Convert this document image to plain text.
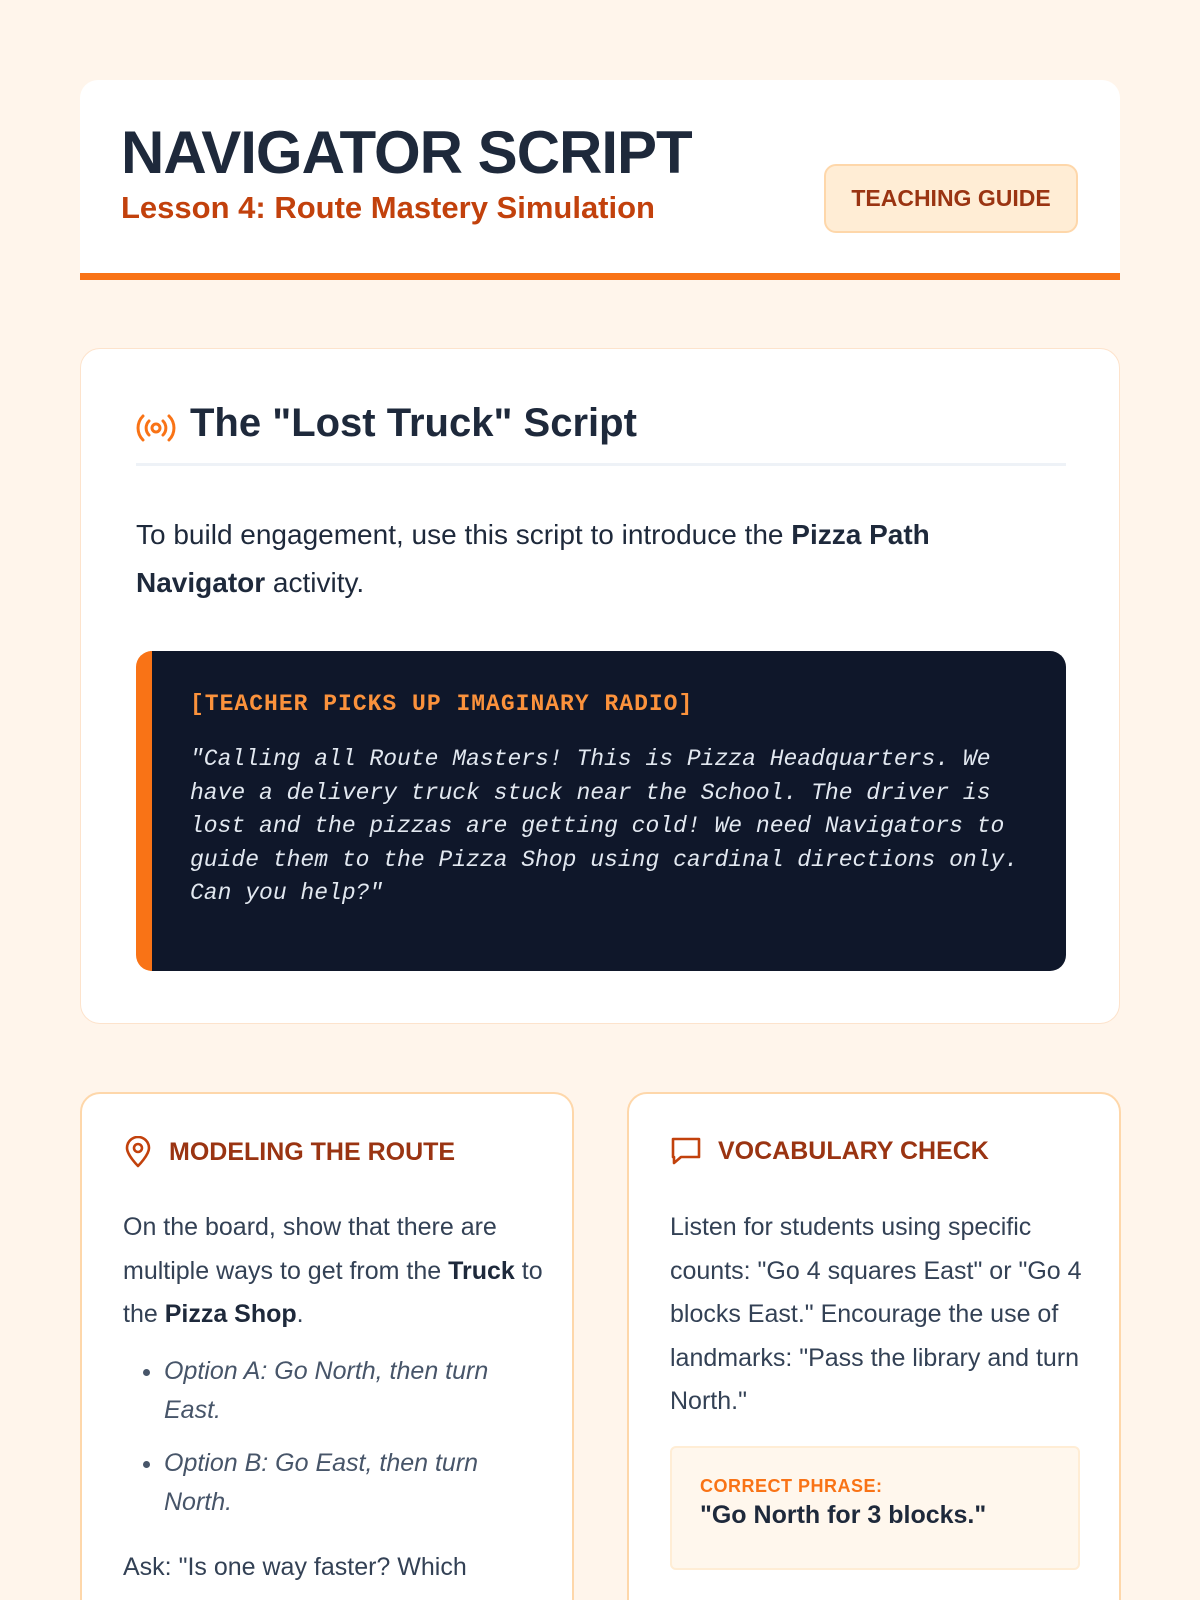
NAVIGATOR SCRIPT
Lesson 4: Route Mastery Simulation	TEACHING GUIDE
The "Lost Truck" Script

To build engagement, use this script to introduce the Pizza Path Navigator activity.

[TEACHER PICKS UP IMAGINARY RADIO]
"Calling all Route Masters! This is Pizza Headquarters. We have a delivery truck stuck near the School. The driver is lost and the pizzas are getting cold! We need Navigators to guide them to the Pizza Shop using cardinal directions only. Can you help?"
MODELING THE ROUTE

On the board, show that there are multiple ways to get from the Truck to the Pizza Shop.

• Option A: Go North, then turn East.
• Option B: Go East, then turn North.

Ask: "Is one way faster? Which

VOCABULARY CHECK

Listen for students using specific counts: "Go 4 squares East" or "Go 4 blocks East." Encourage the use of landmarks: "Pass the library and turn North."

CORRECT PHRASE:
"Go North for 3 blocks."
